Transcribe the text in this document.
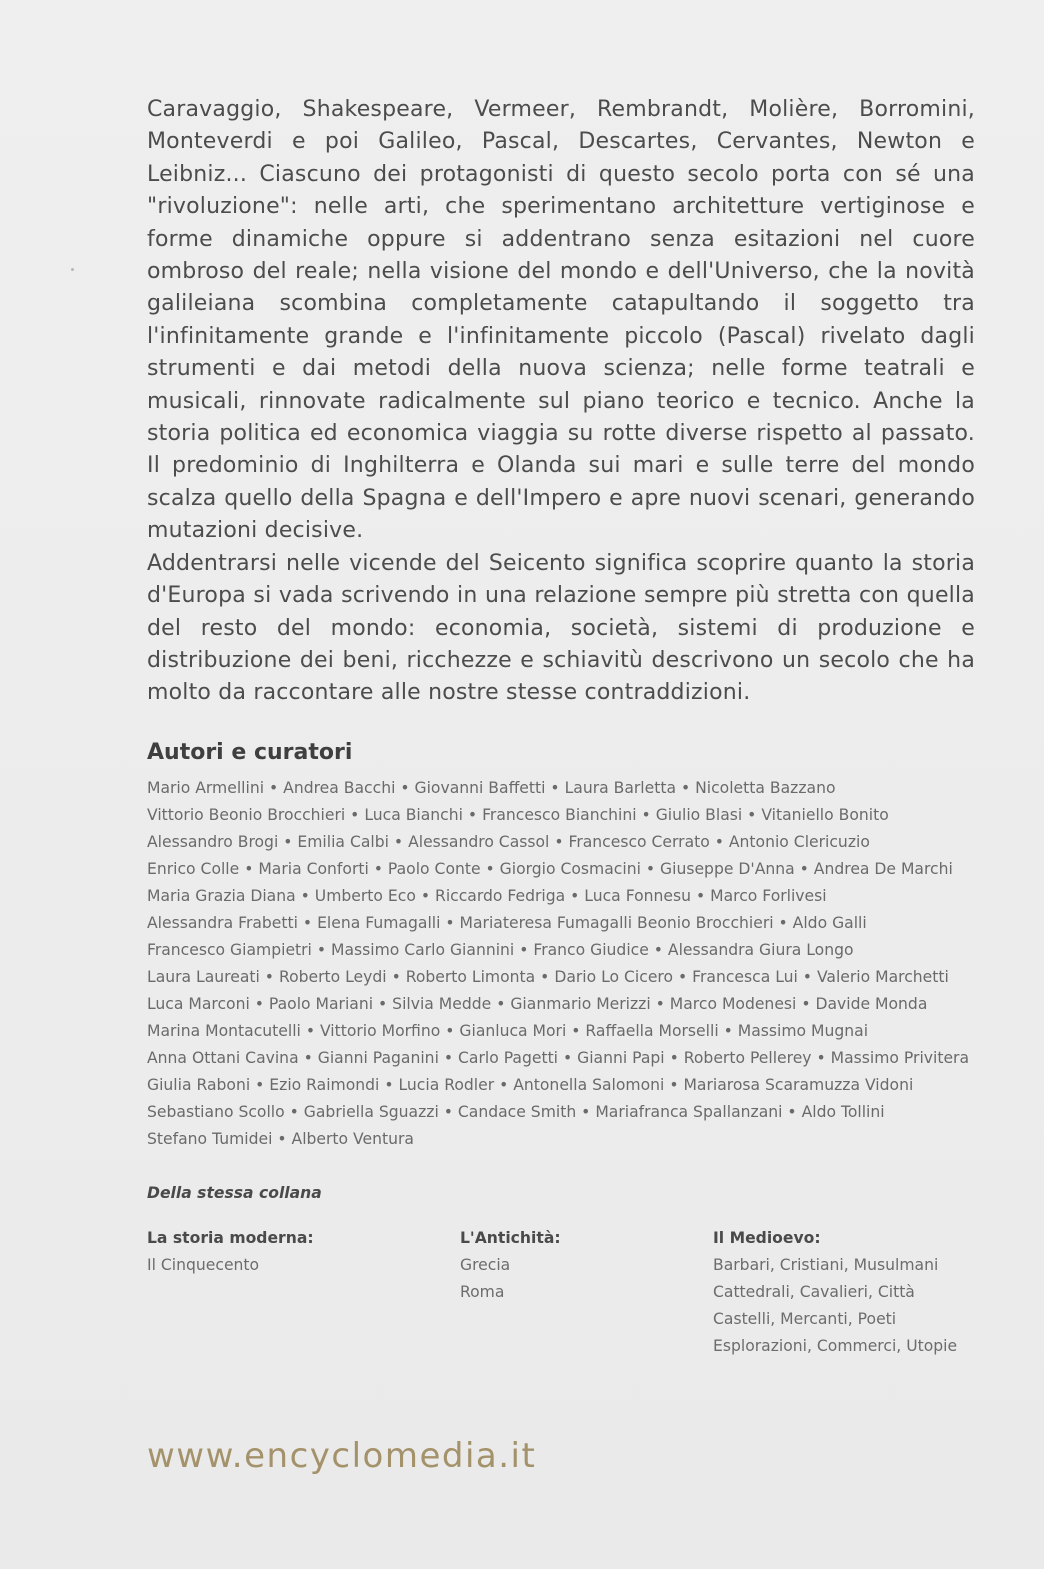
Caravaggio, Shakespeare, Vermeer, Rembrandt, Molière, Borromini, Monteverdi e poi Galileo, Pascal, Descartes, Cervantes, Newton e Leibniz... Ciascuno dei protagonisti di questo secolo porta con sé una "rivoluzione": nelle arti, che sperimentano architetture vertiginose e forme dinamiche oppure si addentrano senza esitazioni nel cuore ombroso del reale; nella visione del mondo e dell'Universo, che la novità galileiana scombina completamente catapultando il soggetto tra l'infinitamente grande e l'infinitamente piccolo (Pascal) rivelato dagli strumenti e dai metodi della nuova scienza; nelle forme teatrali e musicali, rinnovate radicalmente sul piano teorico e tecnico. Anche la storia politica ed economica viaggia su rotte diverse rispetto al passato. Il predominio di Inghilterra e Olanda sui mari e sulle terre del mondo scalza quello della Spagna e dell'Impero e apre nuovi scenari, generando mutazioni decisive.

Addentrarsi nelle vicende del Seicento significa scoprire quanto la storia d'Europa si vada scrivendo in una relazione sempre più stretta con quella del resto del mondo: economia, società, sistemi di produzione e distribuzione dei beni, ricchezze e schiavitù descrivono un secolo che ha molto da raccontare alle nostre stesse contraddizioni.

Autori e curatori
Mario Armellini • Andrea Bacchi • Giovanni Baffetti • Laura Barletta • Nicoletta Bazzano
Vittorio Beonio Brocchieri • Luca Bianchi • Francesco Bianchini • Giulio Blasi • Vitaniello Bonito
Alessandro Brogi • Emilia Calbi • Alessandro Cassol • Francesco Cerrato • Antonio Clericuzio
Enrico Colle • Maria Conforti • Paolo Conte • Giorgio Cosmacini • Giuseppe D'Anna • Andrea De Marchi
Maria Grazia Diana • Umberto Eco • Riccardo Fedriga • Luca Fonnesu • Marco Forlivesi
Alessandra Frabetti • Elena Fumagalli • Mariateresa Fumagalli Beonio Brocchieri • Aldo Galli
Francesco Giampietri • Massimo Carlo Giannini • Franco Giudice • Alessandra Giura Longo
Laura Laureati • Roberto Leydi • Roberto Limonta • Dario Lo Cicero • Francesca Lui • Valerio Marchetti
Luca Marconi • Paolo Mariani • Silvia Medde • Gianmario Merizzi • Marco Modenesi • Davide Monda
Marina Montacutelli • Vittorio Morfino • Gianluca Mori • Raffaella Morselli • Massimo Mugnai
Anna Ottani Cavina • Gianni Paganini • Carlo Pagetti • Gianni Papi • Roberto Pellerey • Massimo Privitera
Giulia Raboni • Ezio Raimondi • Lucia Rodler • Antonella Salomoni • Mariarosa Scaramuzza Vidoni
Sebastiano Scollo • Gabriella Sguazzi • Candace Smith • Mariafranca Spallanzani • Aldo Tollini
Stefano Tumidei • Alberto Ventura
Della stessa collana
La storia moderna:
Il Cinquecento
L'Antichità:
Grecia
Roma
Il Medioevo:
Barbari, Cristiani, Musulmani
Cattedrali, Cavalieri, Città
Castelli, Mercanti, Poeti
Esplorazioni, Commerci, Utopie
www.encyclomedia.it
